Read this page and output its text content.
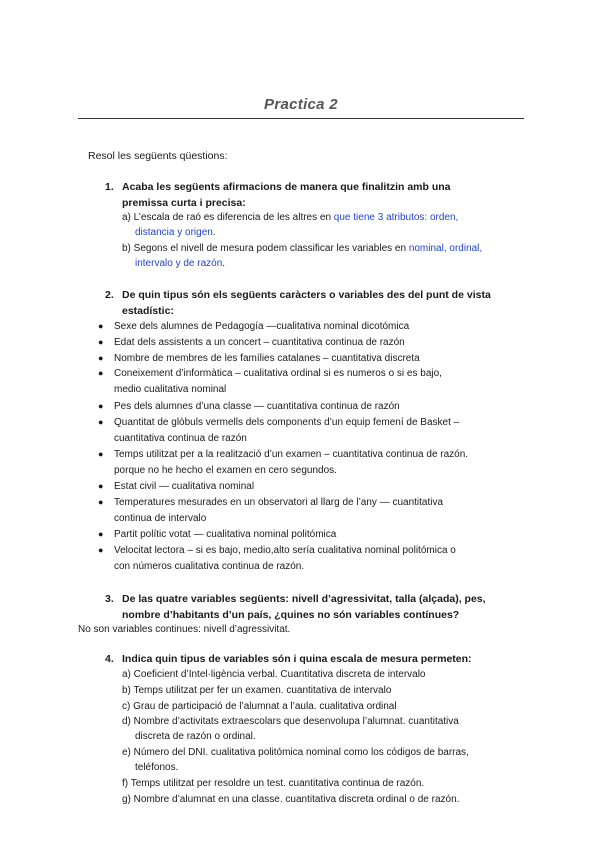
Practica 2
Resol les següents qüestions:
1. Acaba les següents afirmacions de manera que finalitzin amb una
premissa curta i precisa:
a) L’escala de raó es diferencia de les altres en que tiene 3 atributos: orden,
distancia y origen.
b) Segons el nivell de mesura podem classificar les variables en nominal, ordinal,
intervalo y de razón.
2. De quin tipus són els següents caràcters o variables des del punt de vista
estadístic:
● Sexe dels alumnes de Pedagogía —cualitativa nominal dicotómica
● Edat dels assistents a un concert – cuantitativa continua de razón
● Nombre de membres de les famílies catalanes – cuantitativa discreta
● Coneixement d’informàtica – cualitativa ordinal si es numeros o si es bajo,
medio cualitativa nominal
● Pes dels alumnes d’una classe — cuantitativa continua de razón
● Quantitat de glòbuls vermells dels components d’un equip femení de Basket –
cuantitativa continua de razón
● Temps utilitzat per a la realització d’un examen – cuantitativa continua de razón.
porque no he hecho el examen en cero segundos.
● Estat civil — cualitativa nominal
● Temperatures mesurades en un observatori al llarg de l’any — cuantitativa
continua de intervalo
● Partit polític votat — cualitativa nominal politómica
● Velocitat lectora – si es bajo, medio,alto sería cualitativa nominal politómica o
con números cualitativa continua de razón.
3. De las quatre variables següents: nivell d’agressivitat, talla (alçada), pes,
nombre d’habitants d’un país, ¿quines no són variables contínues?
No son variables continues: nivell d’agressivitat.
4. Indica quin tipus de variables són i quina escala de mesura permeten:
a) Coeficient d’Intel·ligència verbal. Cuantitativa discreta de intervalo
b) Temps utilitzat per fer un examen. cuantitativa de intervalo
c) Grau de participació de l’alumnat a l’aula. cualitativa ordinal
d) Nombre d’activitats extraescolars que desenvolupa l’alumnat. cuantitativa
discreta de razón o ordinal.
e) Número del DNI. cualitativa politómica nominal como los códigos de barras,
teléfonos.
f) Temps utilitzat per resoldre un test. cuantitativa continua de razón.
g) Nombre d’alumnat en una classe. cuantitativa discreta ordinal o de razón.
